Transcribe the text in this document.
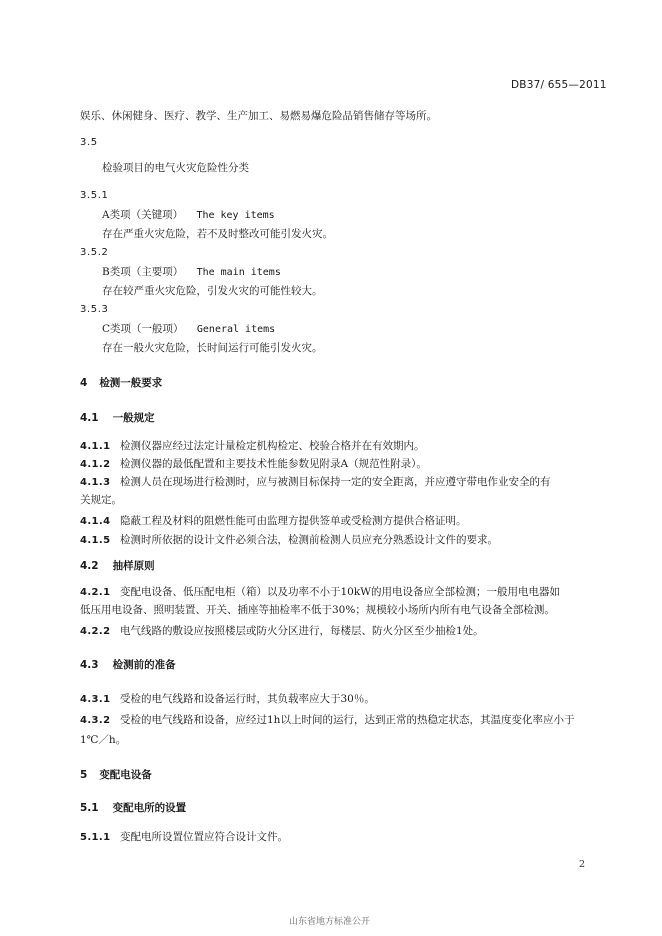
DB37/ 655—2011
娱乐、休闲健身、医疗、教学、生产加工、易燃易爆危险品销售储存等场所。
3.5
检验项目的电气火灾危险性分类
3.5.1
A类项（关键项） The key items
存在严重火灾危险，若不及时整改可能引发火灾。
3.5.2
B类项（主要项） The main items
存在较严重火灾危险，引发火灾的可能性较大。
3.5.3
C类项（一般项） General items
存在一般火灾危险，长时间运行可能引发火灾。
4 检测一般要求
4.1 一般规定
4.1.1 检测仪器应经过法定计量检定机构检定、校验合格并在有效期内。
4.1.2 检测仪器的最低配置和主要技术性能参数见附录A（规范性附录）。
4.1.3 检测人员在现场进行检测时，应与被测目标保持一定的安全距离，并应遵守带电作业安全的有
关规定。
4.1.4 隐蔽工程及材料的阻燃性能可由监理方提供签单或受检测方提供合格证明。
4.1.5 检测时所依据的设计文件必须合法，检测前检测人员应充分熟悉设计文件的要求。
4.2 抽样原则
4.2.1 变配电设备、低压配电柜（箱）以及功率不小于10kW的用电设备应全部检测；一般用电电器如
低压用电设备、照明装置、开关、插座等抽检率不低于30%；规模较小场所内所有电气设备全部检测。
4.2.2 电气线路的敷设应按照楼层或防火分区进行，每楼层、防火分区至少抽检1处。
4.3 检测前的准备
4.3.1 受检的电气线路和设备运行时，其负载率应大于30％。
4.3.2 受检的电气线路和设备，应经过1h以上时间的运行，达到正常的热稳定状态，其温度变化率应小于
1℃／h。
5 变配电设备
5.1 变配电所的设置
5.1.1 变配电所设置位置应符合设计文件。
2
山东省地方标准公开
